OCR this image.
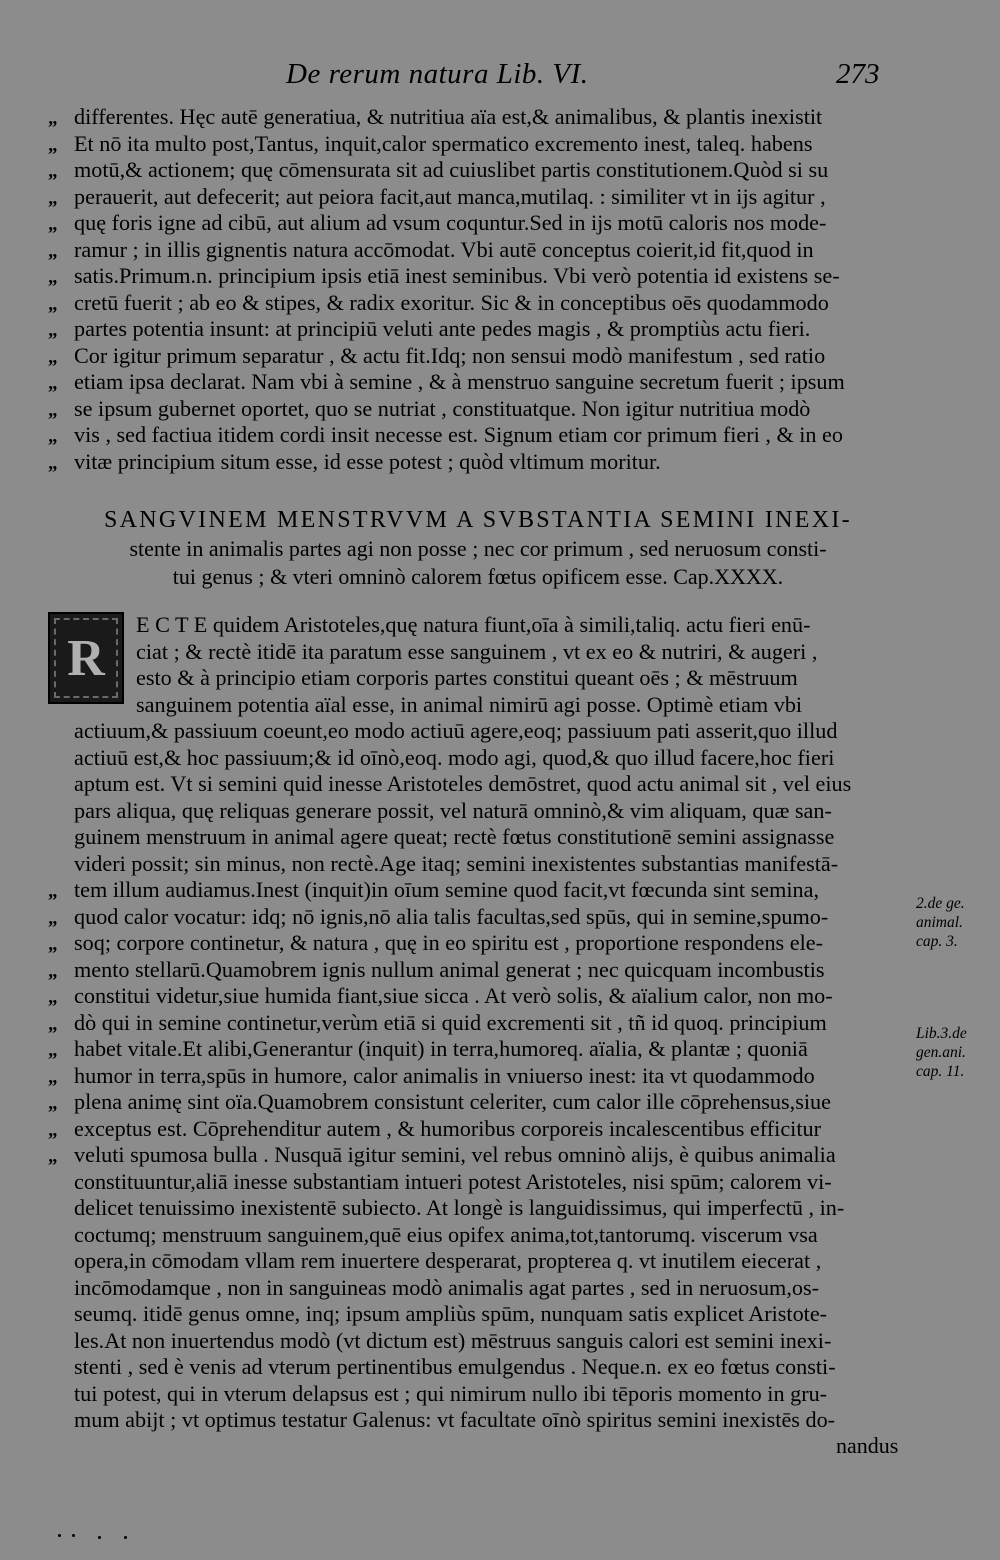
De rerum natura Lib. VI.	273
„ differentes. Hęc autē generatiua, & nutritiua aïa est,& animalibus, & plantis inexistit
„ Et nō ita multo post,Tantus, inquit,calor spermatico excremento inest, taleq. habens
„ motū,& actionem; quę cōmensurata sit ad cuiuslibet partis constitutionem.Quòd si su
„ perauerit, aut defecerit; aut peiora facit,aut manca,mutilaq. : similiter vt in ijs agitur ,
„ quę foris igne ad cibū, aut alium ad vsum coquntur.Sed in ijs motū caloris nos mode-
„ ramur ; in illis gignentis natura accōmodat. Vbi autē conceptus coierit,id fit,quod in
„ satis.Primum.n. principium ipsis etiā inest seminibus. Vbi verò potentia id existens se-
„ cretū fuerit ; ab eo & stipes, & radix exoritur. Sic & in conceptibus oēs quodammodo
„ partes potentia insunt: at principiū veluti ante pedes magis , & promptiùs actu fieri.
„ Cor igitur primum separatur , & actu fit.Idq; non sensui modò manifestum , sed ratio
„ etiam ipsa declarat. Nam vbi à semine , & à menstruo sanguine secretum fuerit ; ipsum
„ se ipsum gubernet oportet, quo se nutriat , constituatque. Non igitur nutritiua modò
„ vis , sed factiua itidem cordi insit necesse est. Signum etiam cor primum fieri , & in eo
„ vitæ principium situm esse, id esse potest ; quòd vltimum moritur.
SANGVINEM MENSTRVVM A SVBSTANTIA SEMINI INEXI-
stente in animalis partes agi non posse ; nec cor primum , sed neruosum consti-
tui genus ; & vteri omninò calorem fœtus opificem esse. Cap.XXXX.
R
E C T E quidem Aristoteles,quę natura fiunt,oīa à simili,taliq. actu fieri enū-
ciat ; & rectè itidē ita paratum esse sanguinem , vt ex eo & nutriri, & augeri ,
esto & à principio etiam corporis partes constitui queant oēs ; & mēstruum
sanguinem potentia aïal esse, in animal nimirū agi posse. Optimè etiam vbi
actiuum,& passiuum coeunt,eo modo actiuū agere,eoq; passiuum pati asserit,quo illud
actiuū est,& hoc passiuum;& id oīnò,eoq. modo agi, quod,& quo illud facere,hoc fieri
aptum est. Vt si semini quid inesse Aristoteles demōstret, quod actu animal sit , vel eius
pars aliqua, quę reliquas generare possit, vel naturā omninò,& vim aliquam, quæ san-
guinem menstruum in animal agere queat; rectè fœtus constitutionē semini assignasse
videri possit; sin minus, non rectè.Age itaq; semini inexistentes substantias manifestā-
„ tem illum audiamus.Inest (inquit)in oīum semine quod facit,vt fœcunda sint semina,
„ quod calor vocatur: idq; nō ignis,nō alia talis facultas,sed spūs, qui in semine,spumo-
„ soq; corpore continetur, & natura , quę in eo spiritu est , proportione respondens ele-
„ mento stellarū.Quamobrem ignis nullum animal generat ; nec quicquam incombustis
„ constitui videtur,siue humida fiant,siue sicca . At verò solis, & aïalium calor, non mo-
„ dò qui in semine continetur,verùm etiā si quid excrementi sit , tñ id quoq. principium
„ habet vitale.Et alibi,Generantur (inquit) in terra,humoreq. aïalia, & plantæ ; quoniā
„ humor in terra,spūs in humore, calor animalis in vniuerso inest: ita vt quodammodo
„ plena animę sint oïa.Quamobrem consistunt celeriter, cum calor ille cōprehensus,siue
„ exceptus est. Cōprehenditur autem , & humoribus corporeis incalescentibus efficitur
„ veluti spumosa bulla . Nusquā igitur semini, vel rebus omninò alijs, è quibus animalia
constituuntur,aliā inesse substantiam intueri potest Aristoteles, nisi spūm; calorem vi-
delicet tenuissimo inexistentē subiecto. At longè is languidissimus, qui imperfectū , in-
coctumq; menstruum sanguinem,quē eius opifex anima,tot,tantorumq. viscerum vsa
opera,in cōmodam vllam rem inuertere desperarat, propterea q. vt inutilem eiecerat ,
incōmodamque , non in sanguineas modò animalis agat partes , sed in neruosum,os-
seumq. itidē genus omne, inq; ipsum ampliùs spūm, nunquam satis explicet Aristote-
les.At non inuertendus modò (vt dictum est) mēstruus sanguis calori est semini inexi-
stenti , sed è venis ad vterum pertinentibus emulgendus . Neque.n. ex eo fœtus consti-
tui potest, qui in vterum delapsus est ; qui nimirum nullo ibi tēporis momento in gru-
mum abijt ; vt optimus testatur Galenus: vt facultate oīnò spiritus semini inexistēs do-
2.de ge.
animal.
cap. 3.
Lib.3.de
gen.ani.
cap. 11.
nandus
